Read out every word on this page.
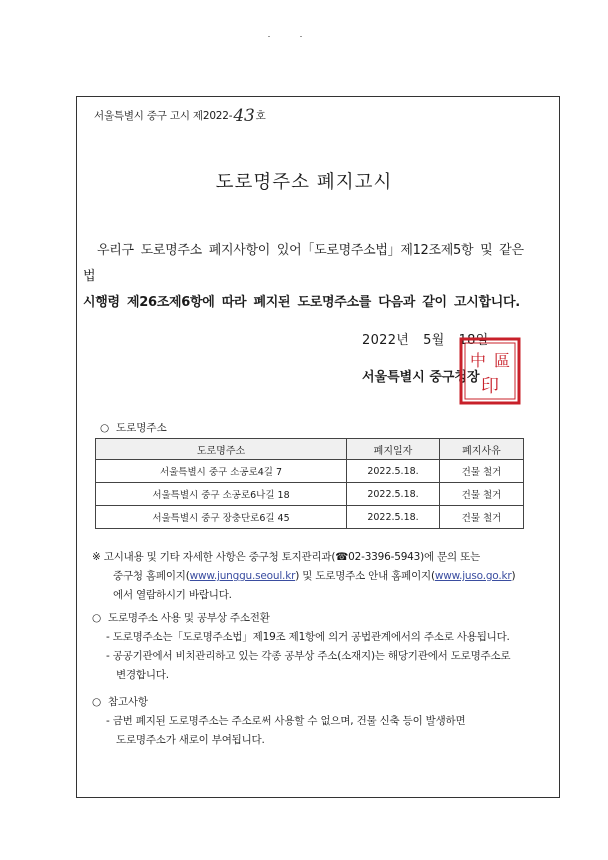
서울특별시 중구 고시 제2022-43호
도로명주소 폐지고시

우리구 도로명주소 폐지사항이 있어「도로명주소법」제12조제5항 및 같은 법

시행령 제26조제6항에 따라 폐지된 도로명주소를 다음과 같이 고시합니다.

2022년 5월 18일
서울특별시 중구청장
中 區
印
○ 도로명주소
도로명주소	폐지일자	폐지사유
서울특별시 중구 소공로4길 7	2022.5.18.	건물 철거
서울특별시 중구 소공로6나길 18	2022.5.18.	건물 철거
서울특별시 중구 장충단로6길 45	2022.5.18.	건물 철거

※ 고시내용 및 기타 자세한 사항은 중구청 토지관리과(☎02-3396-5943)에 문의 또는

중구청 홈페이지(www.junggu.seoul.kr) 및 도로명주소 안내 홈페이지(www.juso.go.kr)

에서 열람하시기 바랍니다.

○ 도로명주소 사용 및 공부상 주소전환

- 도로명주소는「도로명주소법」제19조 제1항에 의거 공법관계에서의 주소로 사용됩니다.

- 공공기관에서 비치관리하고 있는 각종 공부상 주소(소재지)는 해당기관에서 도로명주소로

변경합니다.

○ 참고사항

- 금번 폐지된 도로명주소는 주소로써 사용할 수 없으며, 건물 신축 등이 발생하면

도로명주소가 새로이 부여됩니다.
